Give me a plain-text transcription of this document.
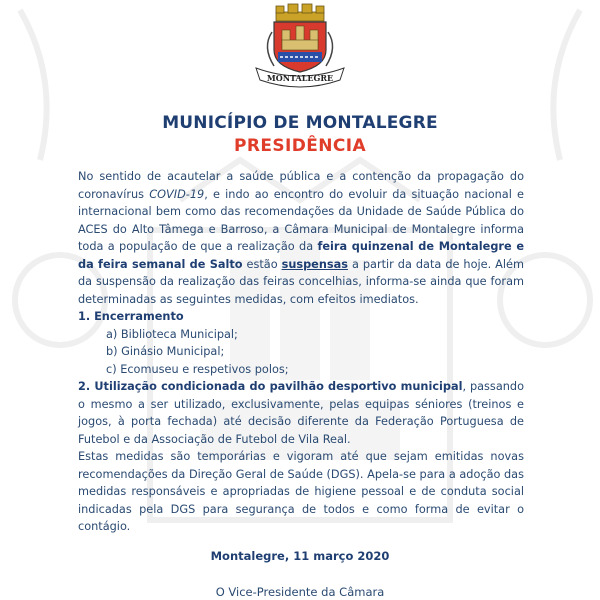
MONTALEGRE
MUNICÍPIO DE MONTALEGRE
PRESIDÊNCIA

No sentido de acautelar a saúde pública e a contenção da propagação do coronavírus COVID-19, e indo ao encontro do evoluir da situação nacional e internacional bem como das recomendações da Unidade de Saúde Pública do ACES do Alto Tâmega e Barroso, a Câmara Municipal de Montalegre informa toda a população de que a realização da feira quinzenal de Montalegre e da feira semanal de Salto estão suspensas a partir da data de hoje. Além da suspensão da realização das feiras concelhias, informa-se ainda que foram determinadas as seguintes medidas, com efeitos imediatos.

1. Encerramento

a) Biblioteca Municipal;

b) Ginásio Municipal;

c) Ecomuseu e respetivos polos;

2. Utilização condicionada do pavilhão desportivo municipal, passando o mesmo a ser utilizado, exclusivamente, pelas equipas séniores (treinos e jogos, à porta fechada) até decisão diferente da Federação Portuguesa de Futebol e da Associação de Futebol de Vila Real.

Estas medidas são temporárias e vigoram até que sejam emitidas novas recomendações da Direção Geral de Saúde (DGS). Apela-se para a adoção das medidas responsáveis e apropriadas de higiene pessoal e de conduta social indicadas pela DGS para segurança de todos e como forma de evitar o contágio.

Montalegre, 11 março 2020
O Vice-Presidente da Câmara
